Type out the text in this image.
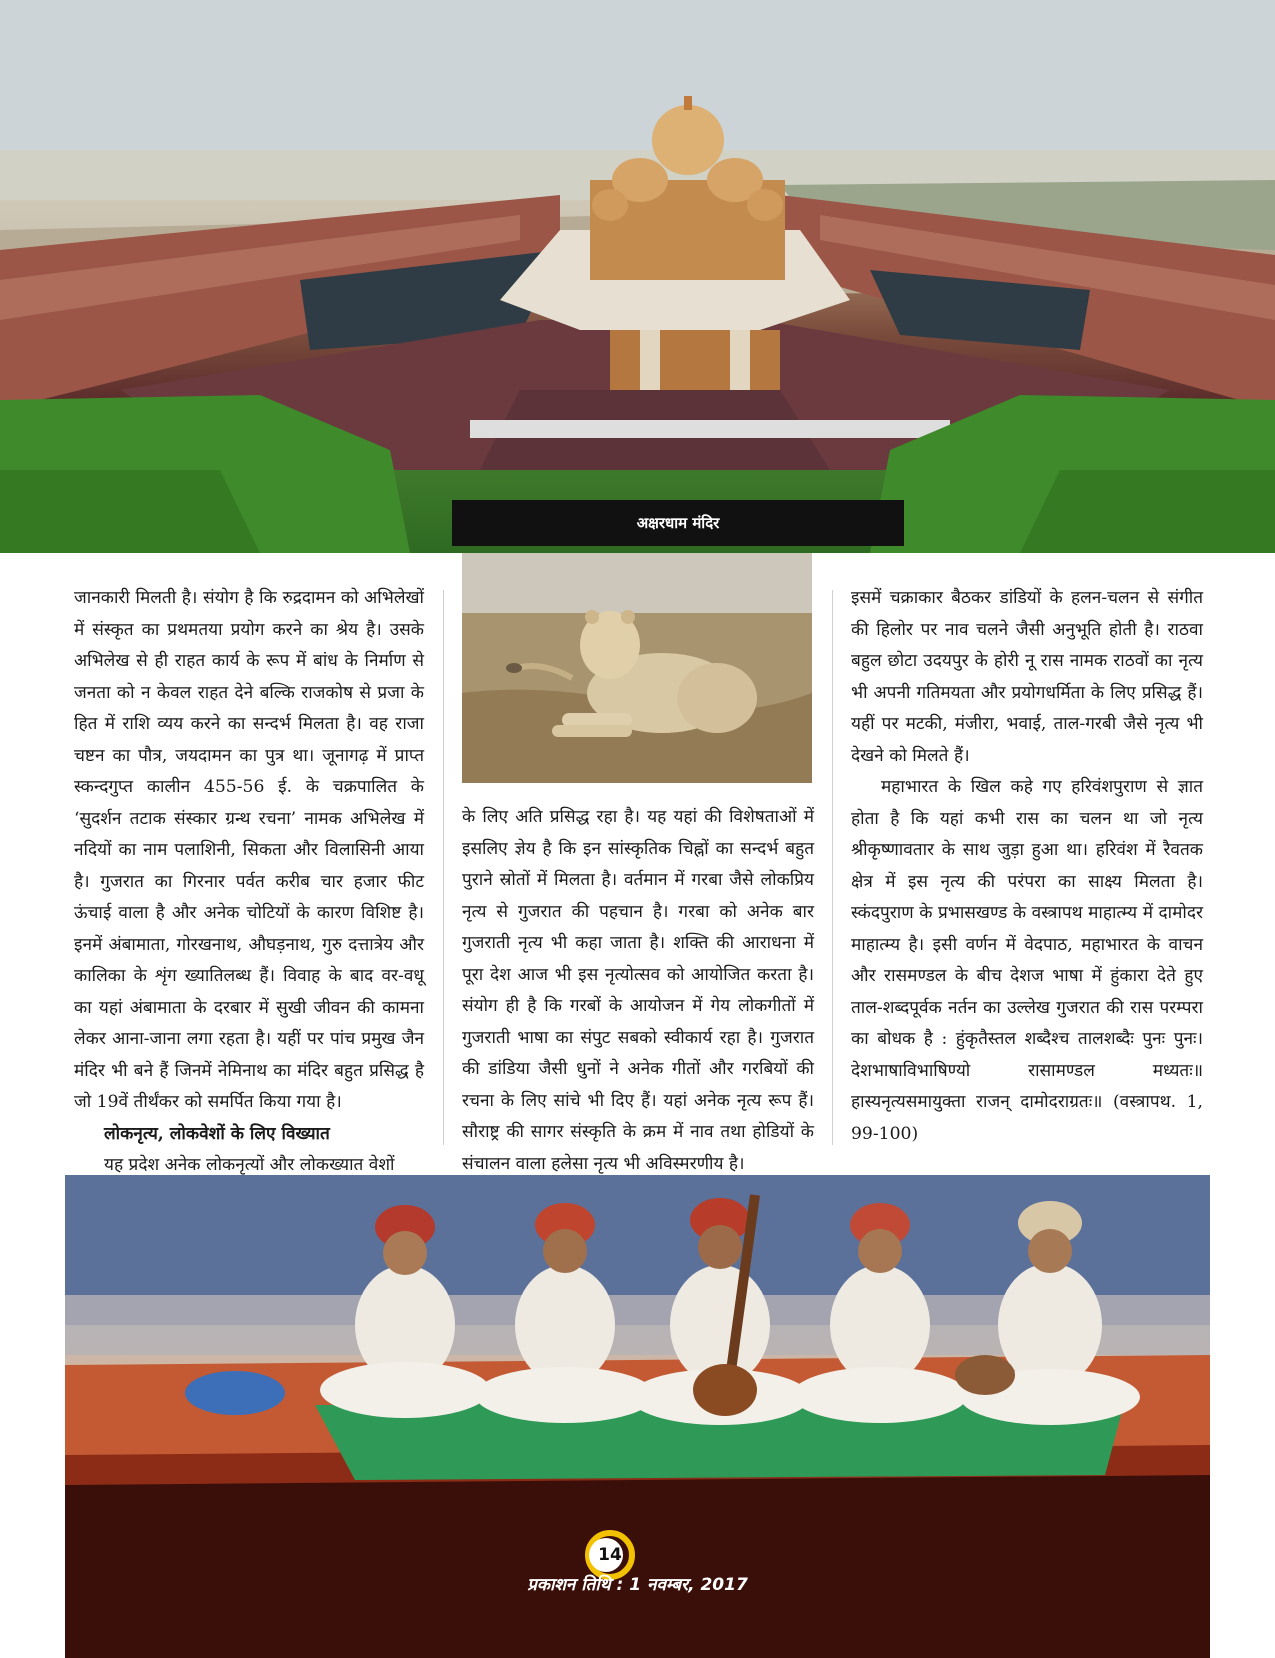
अक्षरधाम मंदिर

जानकारी मिलती है। संयोग है कि रुद्रदामन को अभिलेखों में संस्कृत का प्रथमतया प्रयोग करने का श्रेय है। उसके अभिलेख से ही राहत कार्य के रूप में बांध के निर्माण से जनता को न केवल राहत देने बल्कि राजकोष से प्रजा के हित में राशि व्यय करने का सन्दर्भ मिलता है। वह राजा चष्टन का पौत्र, जयदामन का पुत्र था। जूनागढ़ में प्राप्त स्कन्दगुप्त कालीन 455-56 ई. के चक्रपालित के ‘सुदर्शन तटाक संस्कार ग्रन्थ रचना’ नामक अभिलेख में नदियों का नाम पलाशिनी, सिकता और विलासिनी आया है। गुजरात का गिरनार पर्वत करीब चार हजार फीट ऊंचाई वाला है और अनेक चोटियों के कारण विशिष्ट है। इनमें अंबामाता, गोरखनाथ, औघड़नाथ, गुरु दत्तात्रेय और कालिका के शृंग ख्यातिलब्ध हैं। विवाह के बाद वर-वधू का यहां अंबामाता के दरबार में सुखी जीवन की कामना लेकर आना-जाना लगा रहता है। यहीं पर पांच प्रमुख जैन मंदिर भी बने हैं जिनमें नेमिनाथ का मंदिर बहुत प्रसिद्ध है जो 19वें तीर्थंकर को समर्पित किया गया है।

लोकनृत्य, लोकवेशों के लिए विख्यात

यह प्रदेश अनेक लोकनृत्यों और लोकख्यात वेशों

के लिए अति प्रसिद्ध रहा है। यह यहां की विशेषताओं में इसलिए ज्ञेय है कि इन सांस्कृतिक चिह्नों का सन्दर्भ बहुत पुराने स्रोतों में मिलता है। वर्तमान में गरबा जैसे लोकप्रिय नृत्य से गुजरात की पहचान है। गरबा को अनेक बार गुजराती नृत्य भी कहा जाता है। शक्ति की आराधना में पूरा देश आज भी इस नृत्योत्सव को आयोजित करता है। संयोग ही है कि गरबों के आयोजन में गेय लोकगीतों में गुजराती भाषा का संपुट सबको स्वीकार्य रहा है। गुजरात की डांडिया जैसी धुनों ने अनेक गीतों और गरबियों की रचना के लिए सांचे भी दिए हैं। यहां अनेक नृत्य रूप हैं। सौराष्ट्र की सागर संस्कृति के क्रम में नाव तथा होडियों के संचालन वाला हलेसा नृत्य भी अविस्मरणीय है।

इसमें चक्राकार बैठकर डांडियों के हलन-चलन से संगीत की हिलोर पर नाव चलने जैसी अनुभूति होती है। राठवा बहुल छोटा उदयपुर के होरी नू रास नामक राठवों का नृत्य भी अपनी गतिमयता और प्रयोगधर्मिता के लिए प्रसिद्ध हैं। यहीं पर मटकी, मंजीरा, भवाई, ताल-गरबी जैसे नृत्य भी देखने को मिलते हैं।

महाभारत के खिल कहे गए हरिवंशपुराण से ज्ञात होता है कि यहां कभी रास का चलन था जो नृत्य श्रीकृष्णावतार के साथ जुड़ा हुआ था। हरिवंश में रैवतक क्षेत्र में इस नृत्य की परंपरा का साक्ष्य मिलता है। स्कंदपुराण के प्रभासखण्ड के वस्त्रापथ माहात्म्य में दामोदर माहात्म्य है। इसी वर्णन में वेदपाठ, महाभारत के वाचन और रासमण्डल के बीच देशज भाषा में हुंकारा देते हुए ताल-शब्दपूर्वक नर्तन का उल्लेख गुजरात की रास परम्परा का बोधक है : हुंकृतैस्तल शब्दैश्च तालशब्दैः पुनः पुनः। देशभाषाविभाषिण्यो रासामण्डल मध्यतः॥ हास्यनृत्यसमायुक्ता राजन् दामोदराग्रतः॥ (वस्त्रापथ. 1, 99-100)

14
प्रकाशन तिथि : 1 नवम्बर, 2017
